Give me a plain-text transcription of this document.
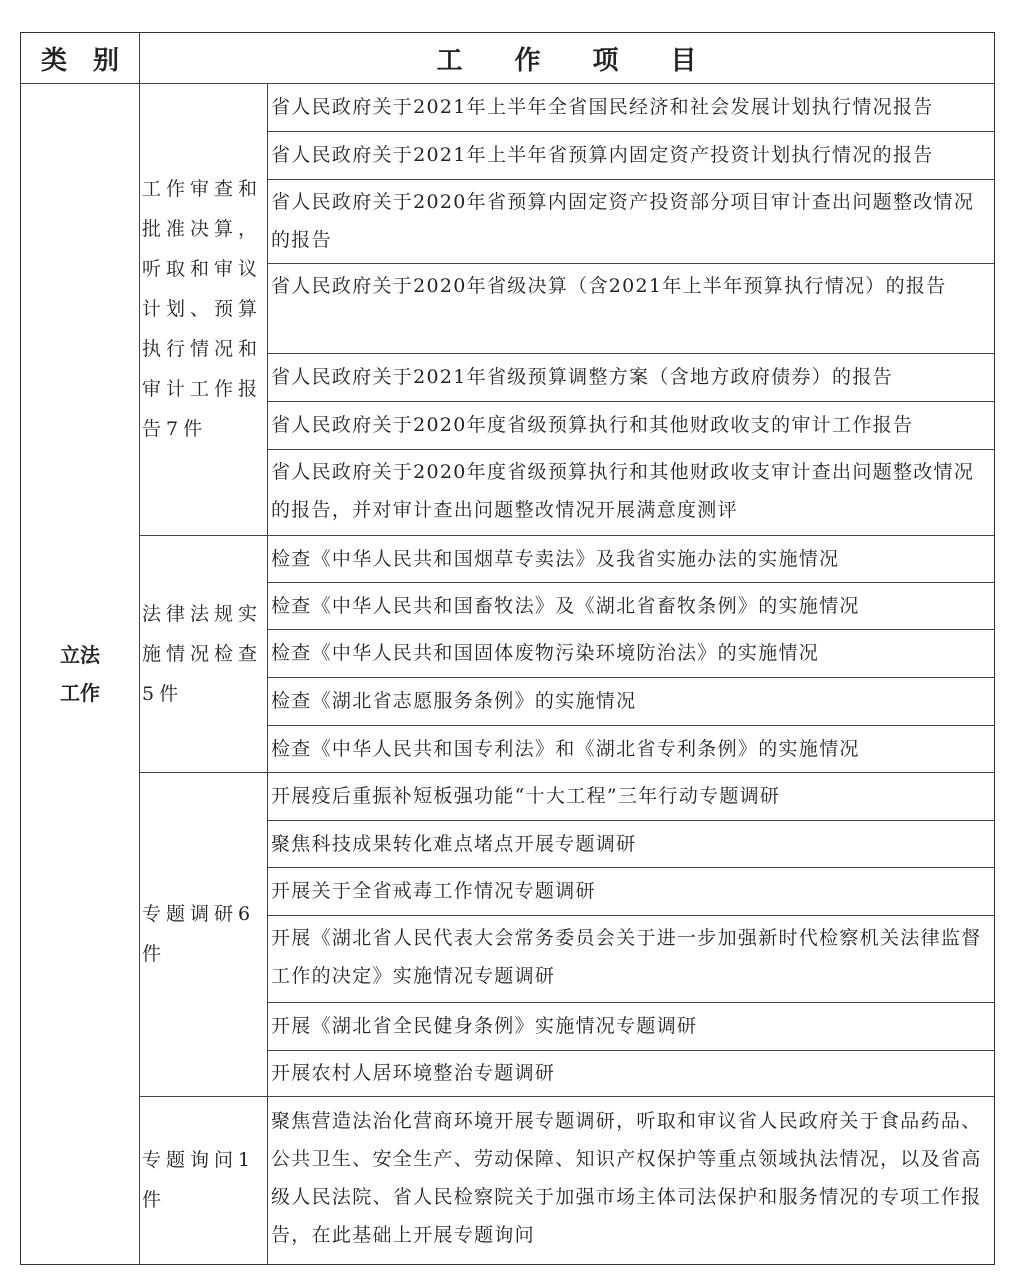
类　别	工　　作　　项　　目
立法
工作
工作审查和批准决算，听取和审议计划、预算执行情况和审计工作报告7件
省人民政府关于2021年上半年全省国民经济和社会发展计划执行情况报告
省人民政府关于2021年上半年省预算内固定资产投资计划执行情况的报告
省人民政府关于2020年省预算内固定资产投资部分项目审计查出问题整改情况的报告
省人民政府关于2020年省级决算（含2021年上半年预算执行情况）的报告
省人民政府关于2021年省级预算调整方案（含地方政府债券）的报告
省人民政府关于2020年度省级预算执行和其他财政收支的审计工作报告
省人民政府关于2020年度省级预算执行和其他财政收支审计查出问题整改情况的报告，并对审计查出问题整改情况开展满意度测评
法律法规实施情况检查5件
检查《中华人民共和国烟草专卖法》及我省实施办法的实施情况
检查《中华人民共和国畜牧法》及《湖北省畜牧条例》的实施情况
检查《中华人民共和国固体废物污染环境防治法》的实施情况
检查《湖北省志愿服务条例》的实施情况
检查《中华人民共和国专利法》和《湖北省专利条例》的实施情况
专题调研6件
开展疫后重振补短板强功能“十大工程”三年行动专题调研
聚焦科技成果转化难点堵点开展专题调研
开展关于全省戒毒工作情况专题调研
开展《湖北省人民代表大会常务委员会关于进一步加强新时代检察机关法律监督工作的决定》实施情况专题调研
开展《湖北省全民健身条例》实施情况专题调研
开展农村人居环境整治专题调研
专题询问1件
聚焦营造法治化营商环境开展专题调研，听取和审议省人民政府关于食品药品、公共卫生、安全生产、劳动保障、知识产权保护等重点领域执法情况，以及省高级人民法院、省人民检察院关于加强市场主体司法保护和服务情况的专项工作报告，在此基础上开展专题询问
